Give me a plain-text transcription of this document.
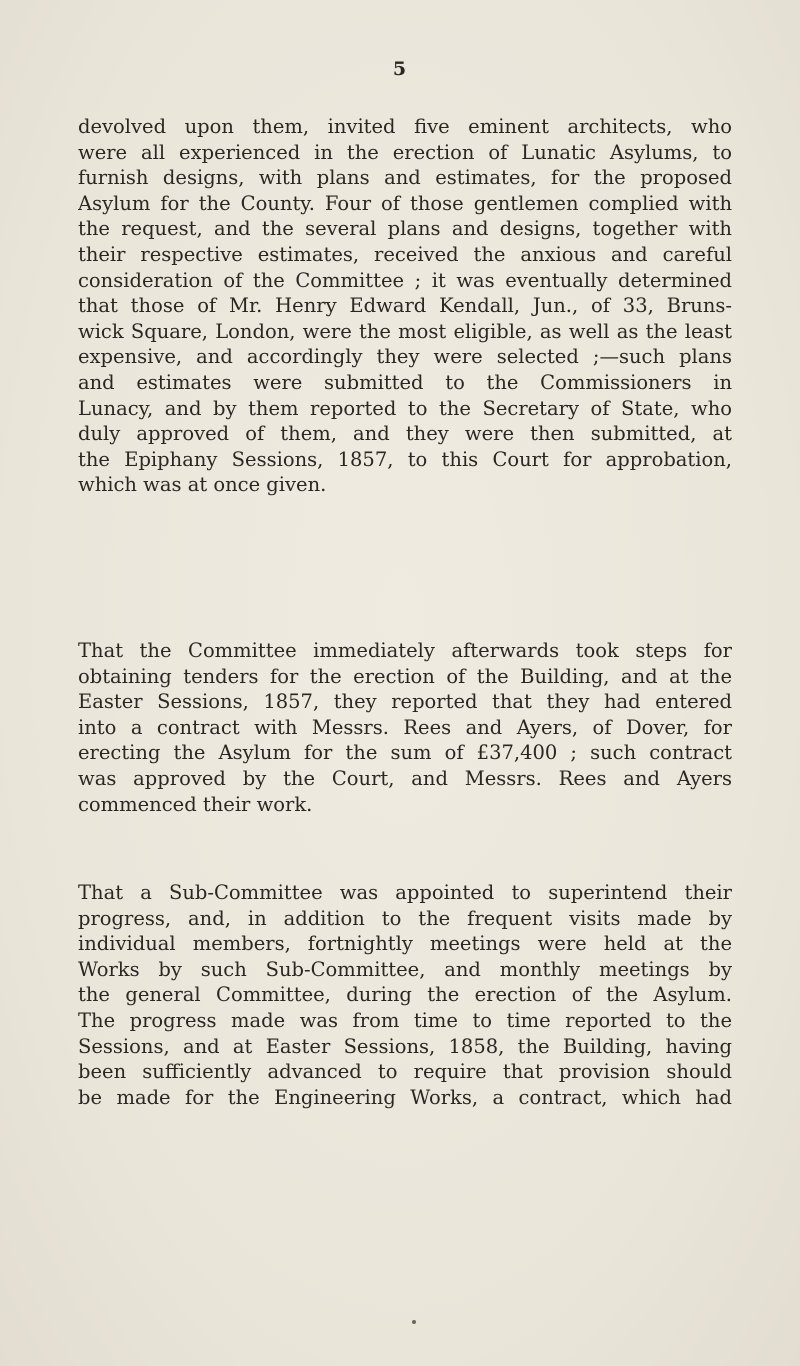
5
devolved upon them, invited five eminent architects, who
were all experienced in the erection of Lunatic Asylums, to
furnish designs, with plans and estimates, for the proposed
Asylum for the County. Four of those gentlemen complied with
the request, and the several plans and designs, together with
their respective estimates, received the anxious and careful
consideration of the Committee ; it was eventually determined
that those of Mr. Henry Edward Kendall, Jun., of 33, Bruns-
wick Square, London, were the most eligible, as well as the least
expensive, and accordingly they were selected ;—such plans
and estimates were submitted to the Commissioners in
Lunacy, and by them reported to the Secretary of State, who
duly approved of them, and they were then submitted, at
the Epiphany Sessions, 1857, to this Court for approbation,
which was at once given.
That the Committee immediately afterwards took steps for
obtaining tenders for the erection of the Building, and at the
Easter Sessions, 1857, they reported that they had entered
into a contract with Messrs. Rees and Ayers, of Dover, for
erecting the Asylum for the sum of £37,400 ; such contract
was approved by the Court, and Messrs. Rees and Ayers
commenced their work.
That a Sub-Committee was appointed to superintend their
progress, and, in addition to the frequent visits made by
individual members, fortnightly meetings were held at the
Works by such Sub-Committee, and monthly meetings by
the general Committee, during the erection of the Asylum.
The progress made was from time to time reported to the
Sessions, and at Easter Sessions, 1858, the Building, having
been sufficiently advanced to require that provision should
be made for the Engineering Works, a contract, which had
